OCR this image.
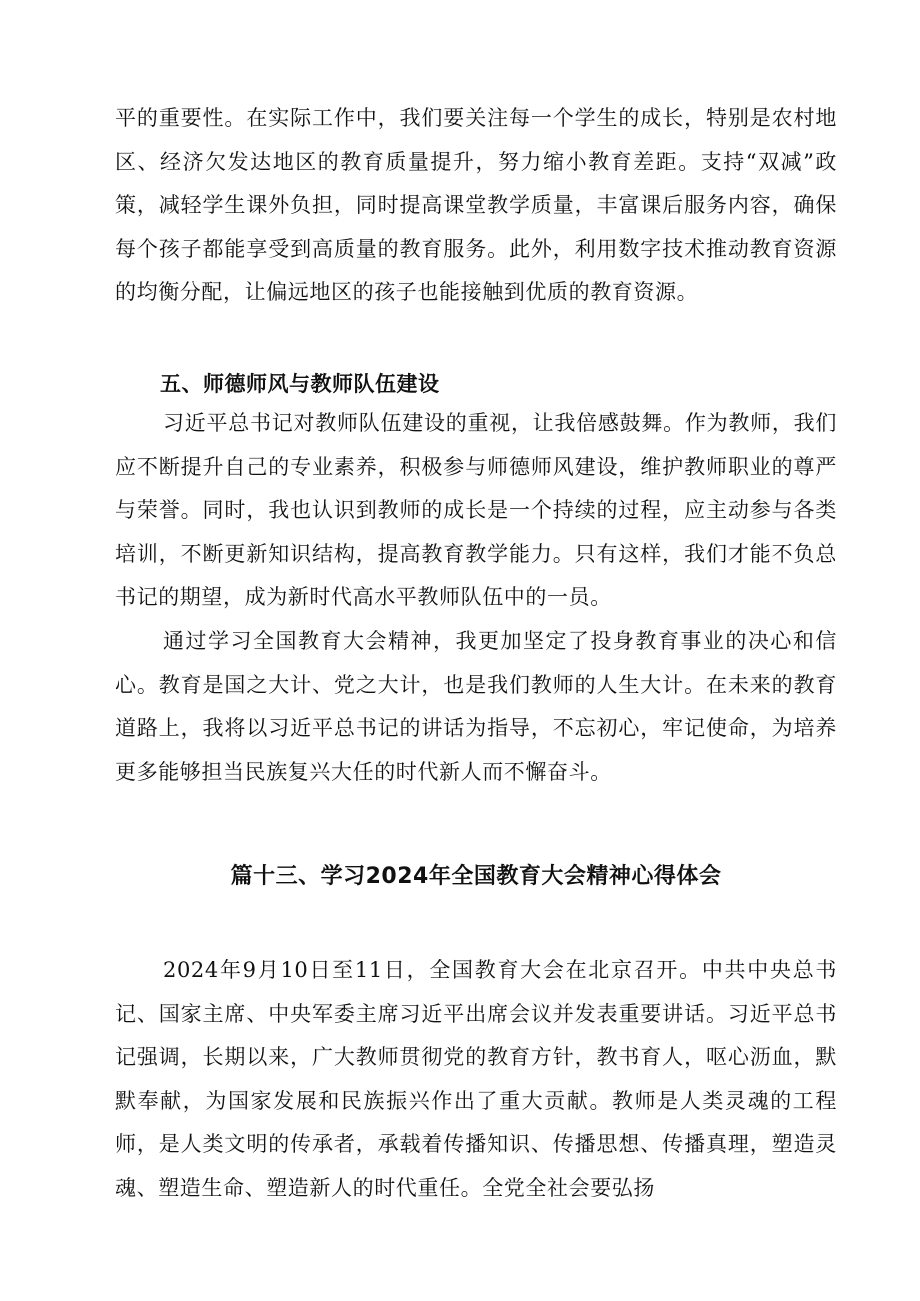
平的重要性。在实际工作中，我们要关注每一个学生的成长，特别是农村地区、经济欠发达地区的教育质量提升，努力缩小教育差距。支持“双减”政策，减轻学生课外负担，同时提高课堂教学质量，丰富课后服务内容，确保每个孩子都能享受到高质量的教育服务。此外，利用数字技术推动教育资源的均衡分配，让偏远地区的孩子也能接触到优质的教育资源。

五、师德师风与教师队伍建设

习近平总书记对教师队伍建设的重视，让我倍感鼓舞。作为教师，我们应不断提升自己的专业素养，积极参与师德师风建设，维护教师职业的尊严与荣誉。同时，我也认识到教师的成长是一个持续的过程，应主动参与各类培训，不断更新知识结构，提高教育教学能力。只有这样，我们才能不负总书记的期望，成为新时代高水平教师队伍中的一员。

通过学习全国教育大会精神，我更加坚定了投身教育事业的决心和信心。教育是国之大计、党之大计，也是我们教师的人生大计。在未来的教育道路上，我将以习近平总书记的讲话为指导，不忘初心，牢记使命，为培养更多能够担当民族复兴大任的时代新人而不懈奋斗。

篇十三、学习2024年全国教育大会精神心得体会

2024年9月10日至11日，全国教育大会在北京召开。中共中央总书记、国家主席、中央军委主席习近平出席会议并发表重要讲话。习近平总书记强调，长期以来，广大教师贯彻党的教育方针，教书育人，呕心沥血，默默奉献，为国家发展和民族振兴作出了重大贡献。教师是人类灵魂的工程师，是人类文明的传承者，承载着传播知识、传播思想、传播真理，塑造灵魂、塑造生命、塑造新人的时代重任。全党全社会要弘扬
